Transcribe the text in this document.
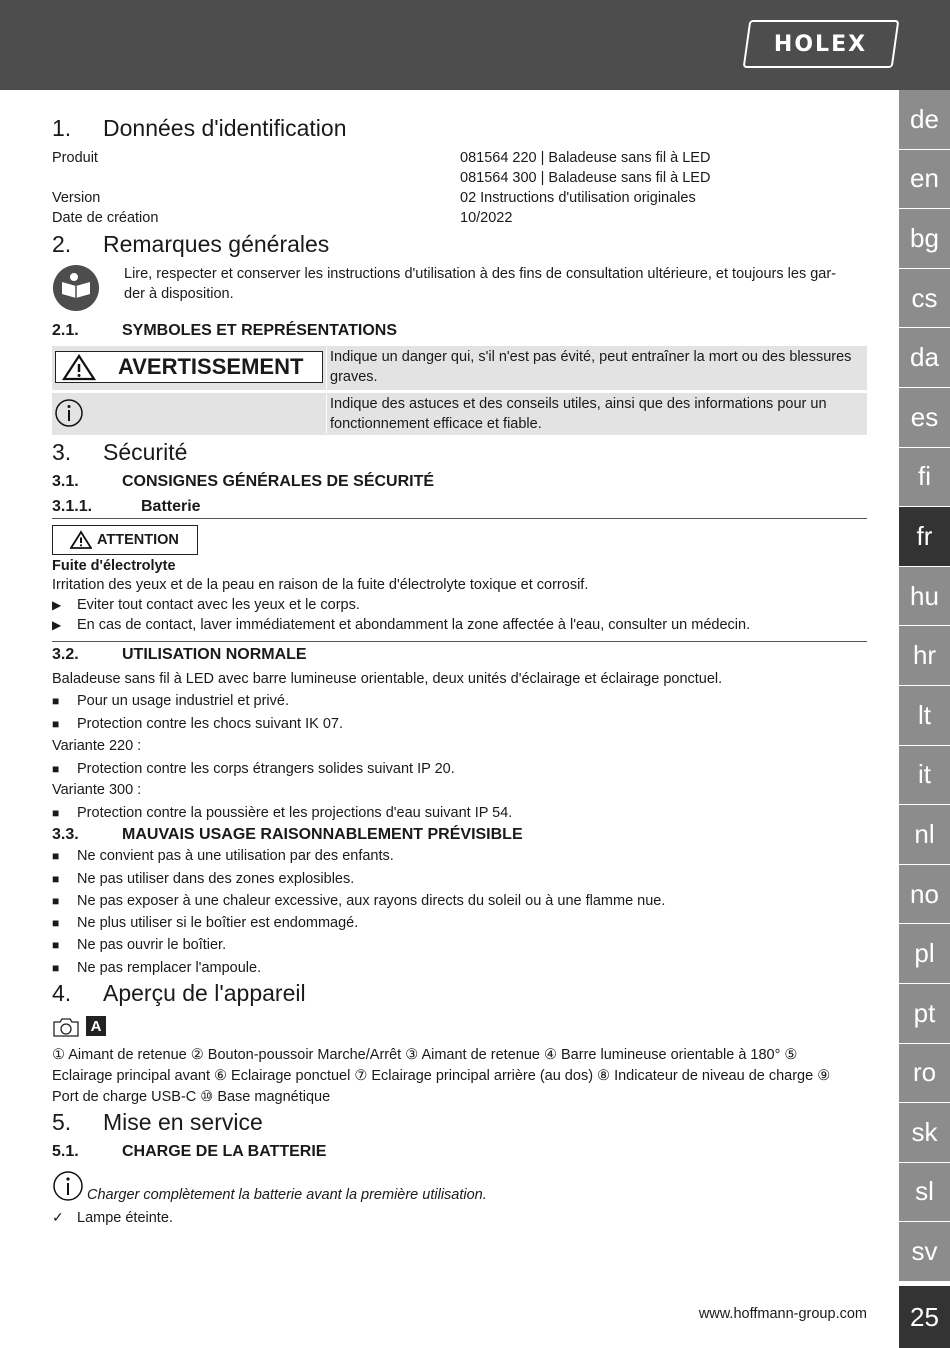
HOLEX
de
en
bg
cs
da
es
fi
fr
hu
hr
lt
it
nl
no
pl
pt
ro
sk
sl
sv
25
1. Données d'identification
Produit	081564 220 | Baladeuse sans fil à LED
081564 300 | Baladeuse sans fil à LED
Version	02 Instructions d'utilisation originales
Date de création	10/2022
2. Remarques générales
Lire, respecter et conserver les instructions d'utilisation à des fins de consultation ultérieure, et toujours les gar-
der à disposition.
2.1.	SYMBOLES ET REPRÉSENTATIONS
AVERTISSEMENT Indique un danger qui, s'il n'est pas évité, peut entraîner la mort ou des blessures
graves.
Indique des astuces et des conseils utiles, ainsi que des informations pour un
fonctionnement efficace et fiable.
3. Sécurité
3.1.	CONSIGNES GÉNÉRALES DE SÉCURITÉ
3.1.1.	Batterie
ATTENTION
Fuite d'électrolyte
Irritation des yeux et de la peau en raison de la fuite d'électrolyte toxique et corrosif.
▶ Eviter tout contact avec les yeux et le corps.
▶ En cas de contact, laver immédiatement et abondamment la zone affectée à l'eau, consulter un médecin.
3.2.	UTILISATION NORMALE
Baladeuse sans fil à LED avec barre lumineuse orientable, deux unités d'éclairage et éclairage ponctuel.
■ Pour un usage industriel et privé.
■ Protection contre les chocs suivant IK 07.
Variante 220 :
■ Protection contre les corps étrangers solides suivant IP 20.
Variante 300 :
■ Protection contre la poussière et les projections d'eau suivant IP 54.
3.3.	MAUVAIS USAGE RAISONNABLEMENT PRÉVISIBLE
■ Ne convient pas à une utilisation par des enfants.
■ Ne pas utiliser dans des zones explosibles.
■ Ne pas exposer à une chaleur excessive, aux rayons directs du soleil ou à une flamme nue.
■ Ne plus utiliser si le boîtier est endommagé.
■ Ne pas ouvrir le boîtier.
■ Ne pas remplacer l'ampoule.
4. Aperçu de l'appareil
A
① Aimant de retenue ② Bouton-poussoir Marche/Arrêt ③ Aimant de retenue ④ Barre lumineuse orientable à 180° ⑤
Eclairage principal avant ⑥ Eclairage ponctuel ⑦ Eclairage principal arrière (au dos) ⑧ Indicateur de niveau de charge ⑨
Port de charge USB-C ⑩ Base magnétique
5. Mise en service
5.1.	CHARGE DE LA BATTERIE
Charger complètement la batterie avant la première utilisation.
✓ Lampe éteinte.
www.hoffmann-group.com
